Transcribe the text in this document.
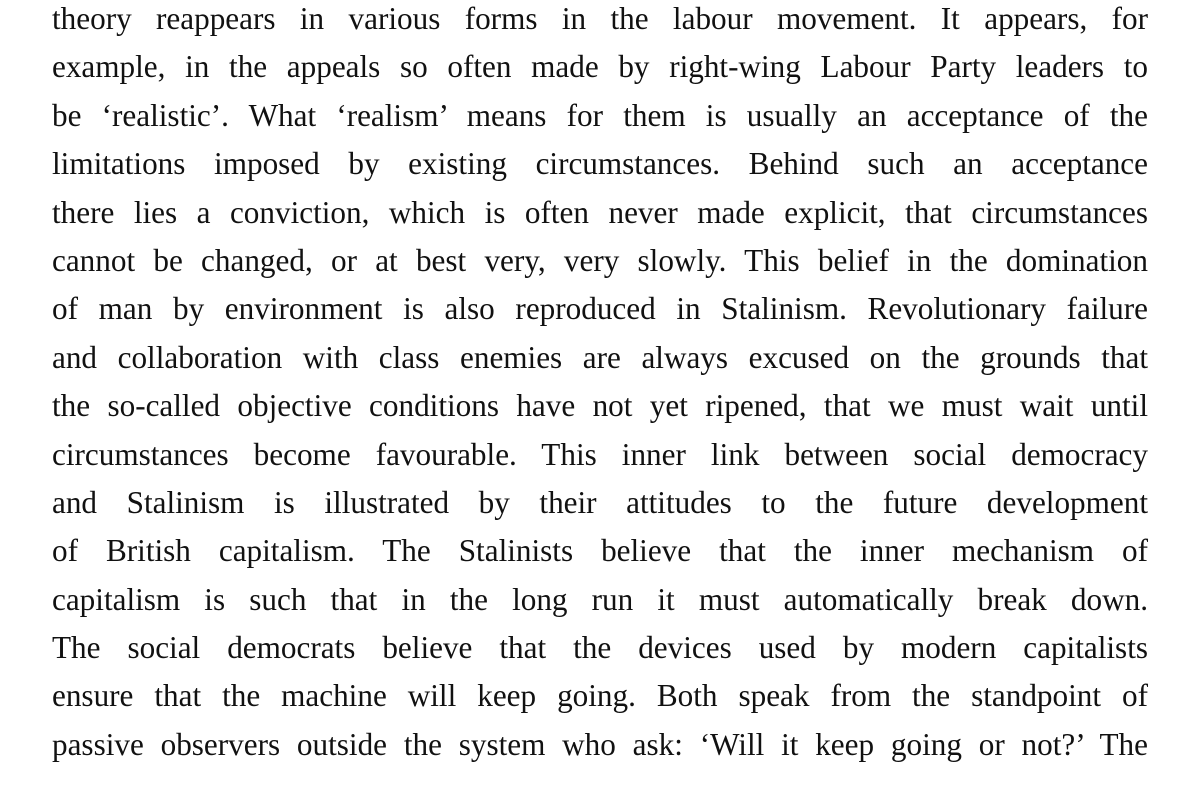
theory reappears in various forms in the labour movement. It appears, for
example, in the appeals so often made by right-wing Labour Party leaders to
be ‘realistic’. What ‘realism’ means for them is usually an acceptance of the
limitations imposed by existing circumstances. Behind such an acceptance
there lies a conviction, which is often never made explicit, that circumstances
cannot be changed, or at best very, very slowly. This belief in the domination
of man by environment is also reproduced in Stalinism. Revolutionary failure
and collaboration with class enemies are always excused on the grounds that
the so-called objective conditions have not yet ripened, that we must wait until
circumstances become favourable. This inner link between social democracy
and Stalinism is illustrated by their attitudes to the future development
of British capitalism. The Stalinists believe that the inner mechanism of
capitalism is such that in the long run it must automatically break down.
The social democrats believe that the devices used by modern capitalists
ensure that the machine will keep going. Both speak from the standpoint of
passive observers outside the system who ask: ‘Will it keep going or not?’ The
